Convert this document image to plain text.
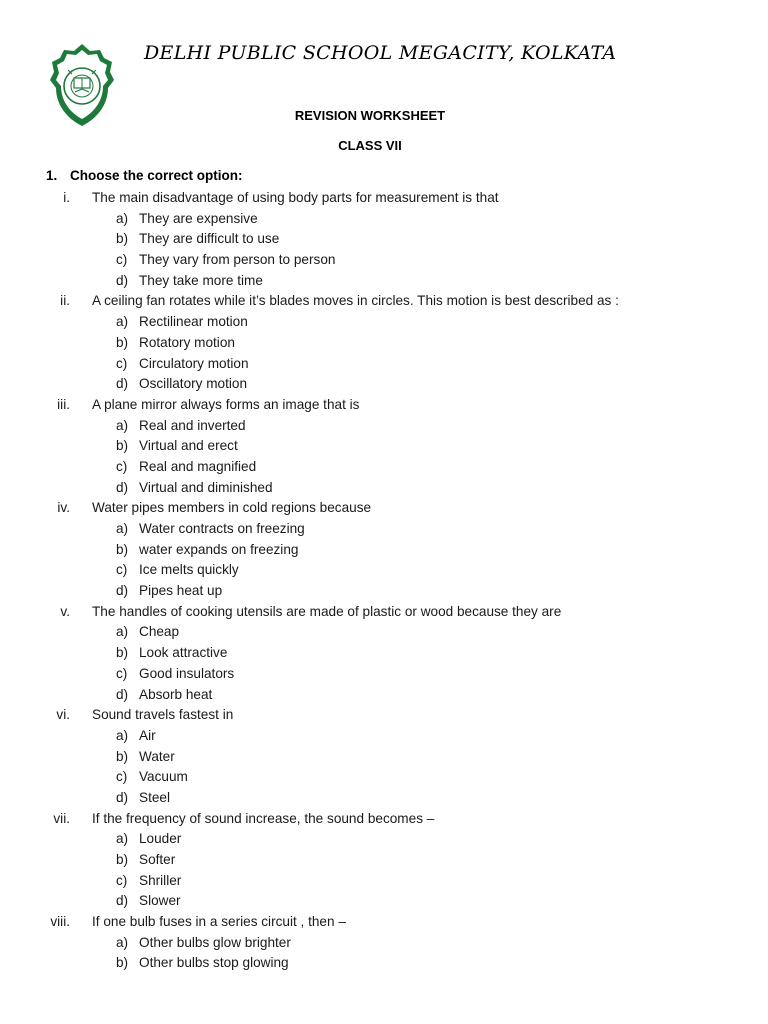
DELHI PUBLIC SCHOOL MEGACITY, KOLKATA
REVISION WORKSHEET
CLASS VII
1. Choose the correct option:
i. The main disadvantage of using body parts for measurement is that
a) They are expensive
b) They are difficult to use
c) They vary from person to person
d) They take more time
ii. A ceiling fan rotates while it’s blades moves in circles. This motion is best described as :
a) Rectilinear motion
b) Rotatory motion
c) Circulatory motion
d) Oscillatory motion
iii. A plane mirror always forms an image that is
a) Real and inverted
b) Virtual and erect
c) Real and magnified
d) Virtual and diminished
iv. Water pipes members in cold regions because
a) Water contracts on freezing
b) water expands on freezing
c) Ice melts quickly
d) Pipes heat up
v. The handles of cooking utensils are made of plastic or wood because they are
a) Cheap
b) Look attractive
c) Good insulators
d) Absorb heat
vi. Sound travels fastest in
a) Air
b) Water
c) Vacuum
d) Steel
vii. If the frequency of sound increase, the sound becomes –
a) Louder
b) Softer
c) Shriller
d) Slower
viii. If one bulb fuses in a series circuit , then –
a) Other bulbs glow brighter
b) Other bulbs stop glowing
